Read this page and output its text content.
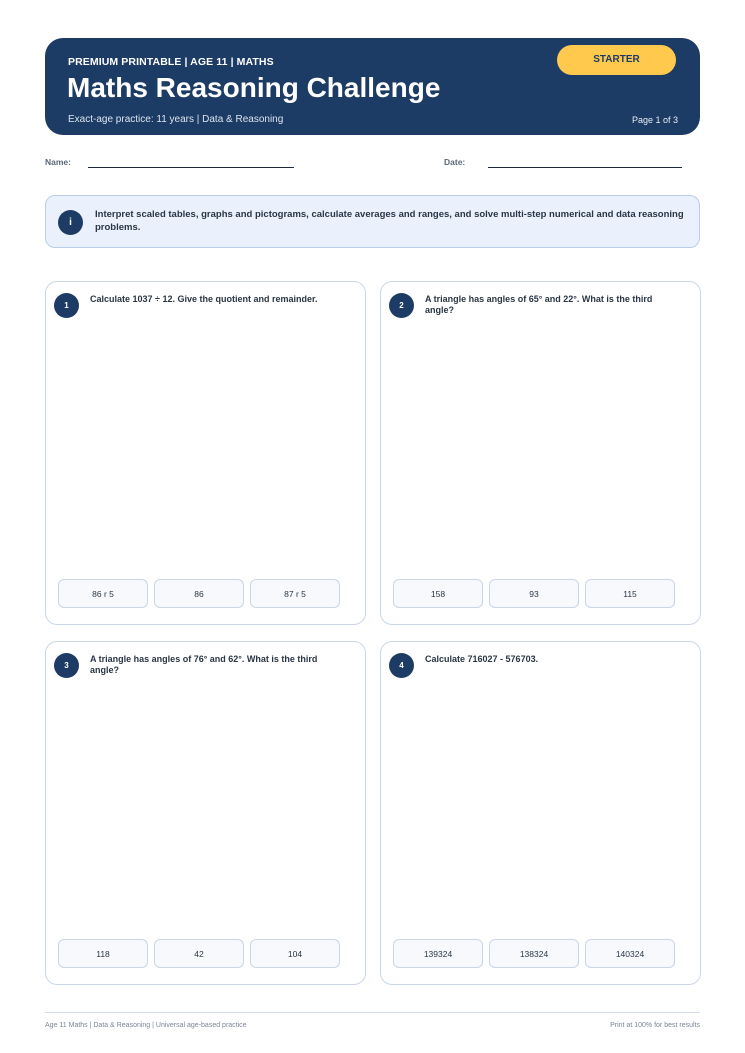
PREMIUM PRINTABLE | AGE 11 | MATHS
Maths Reasoning Challenge
Exact-age practice: 11 years | Data & Reasoning	Page 1 of 3
STARTER
Name:	Date:
i
Interpret scaled tables, graphs and pictograms, calculate averages and ranges, and solve multi-step numerical and data reasoning problems.
1
Calculate 1037 ÷ 12. Give the quotient and remainder.
86 r 5	86	87 r 5
2
A triangle has angles of 65° and 22°. What is the third angle?
158	93	115
3
A triangle has angles of 76° and 62°. What is the third angle?
118	42	104
4
Calculate 716027 - 576703.
139324	138324	140324
Age 11 Maths | Data & Reasoning | Universal age-based practice	Print at 100% for best results
